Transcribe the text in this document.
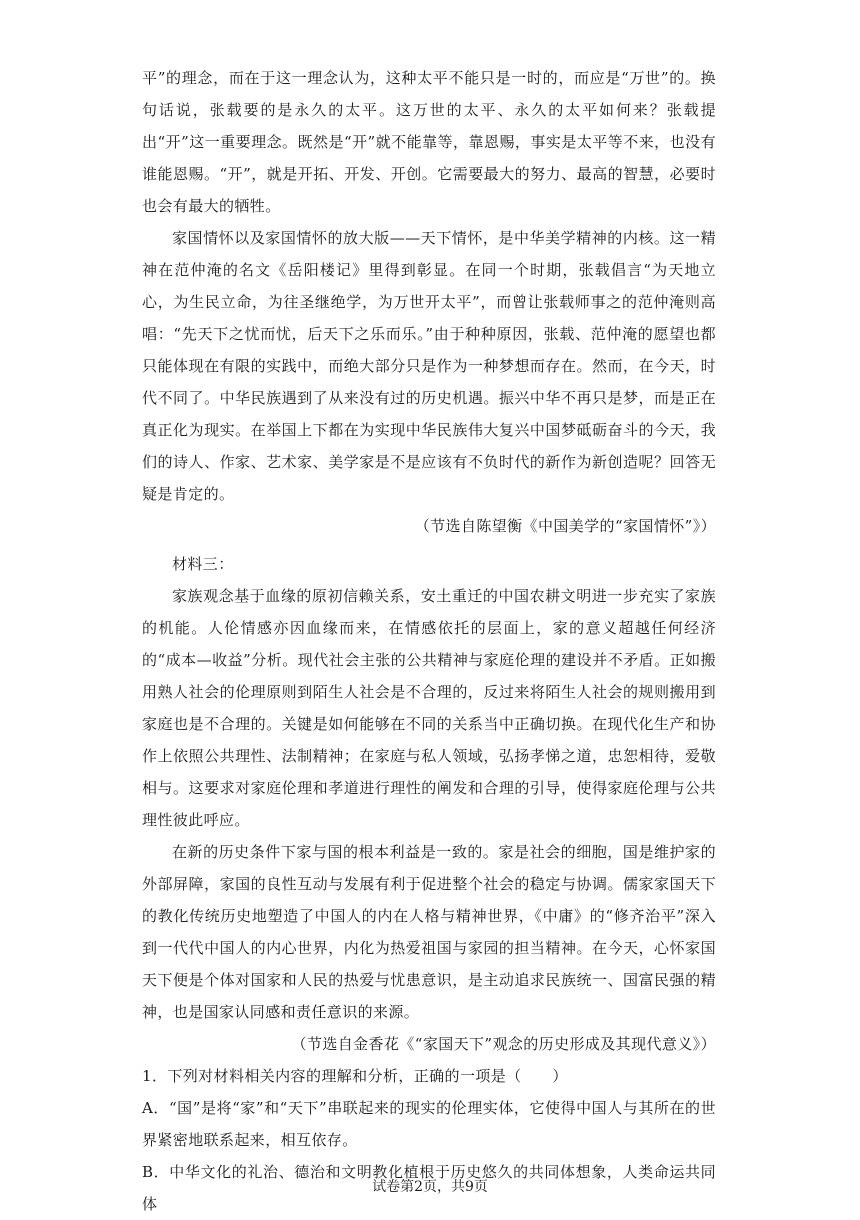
平”的理念，而在于这一理念认为，这种太平不能只是一时的，而应是“万世”的。换句话说，张载要的是永久的太平。这万世的太平、永久的太平如何来？张载提出“开”这一重要理念。既然是“开”就不能靠等，靠恩赐，事实是太平等不来，也没有谁能恩赐。“开”，就是开拓、开发、开创。它需要最大的努力、最高的智慧，必要时也会有最大的牺牲。

家国情怀以及家国情怀的放大版——天下情怀，是中华美学精神的内核。这一精神在范仲淹的名文《岳阳楼记》里得到彰显。在同一个时期，张载倡言“为天地立心，为生民立命，为往圣继绝学，为万世开太平”，而曾让张载师事之的范仲淹则高唱：“先天下之忧而忧，后天下之乐而乐。”由于种种原因，张载、范仲淹的愿望也都只能体现在有限的实践中，而绝大部分只是作为一种梦想而存在。然而，在今天，时代不同了。中华民族遇到了从来没有过的历史机遇。振兴中华不再只是梦，而是正在真正化为现实。在举国上下都在为实现中华民族伟大复兴中国梦砥砺奋斗的今天，我们的诗人、作家、艺术家、美学家是不是应该有不负时代的新作为新创造呢？回答无疑是肯定的。

（节选自陈望衡《中国美学的“家国情怀”》）

材料三：

家族观念基于血缘的原初信赖关系，安土重迁的中国农耕文明进一步充实了家族的机能。人伦情感亦因血缘而来，在情感依托的层面上，家的意义超越任何经济的“成本—收益”分析。现代社会主张的公共精神与家庭伦理的建设并不矛盾。正如搬用熟人社会的伦理原则到陌生人社会是不合理的，反过来将陌生人社会的规则搬用到家庭也是不合理的。关键是如何能够在不同的关系当中正确切换。在现代化生产和协作上依照公共理性、法制精神；在家庭与私人领域，弘扬孝悌之道，忠恕相待，爱敬相与。这要求对家庭伦理和孝道进行理性的阐发和合理的引导，使得家庭伦理与公共理性彼此呼应。

在新的历史条件下家与国的根本利益是一致的。家是社会的细胞，国是维护家的外部屏障，家国的良性互动与发展有利于促进整个社会的稳定与协调。儒家家国天下的教化传统历史地塑造了中国人的内在人格与精神世界，《中庸》的“修齐治平”深入到一代代中国人的内心世界，内化为热爱祖国与家园的担当精神。在今天，心怀家国天下便是个体对国家和人民的热爱与忧患意识，是主动追求民族统一、国富民强的精神，也是国家认同感和责任意识的来源。

（节选自金香花《“家国天下”观念的历史形成及其现代意义》）

1．下列对材料相关内容的理解和分析，正确的一项是（　　）

A．“国”是将“家”和“天下”串联起来的现实的伦理实体，它使得中国人与其所在的世界紧密地联系起来，相互依存。

B．中华文化的礼治、德治和文明教化植根于历史悠久的共同体想象，人类命运共同体

试卷第2页，共9页
